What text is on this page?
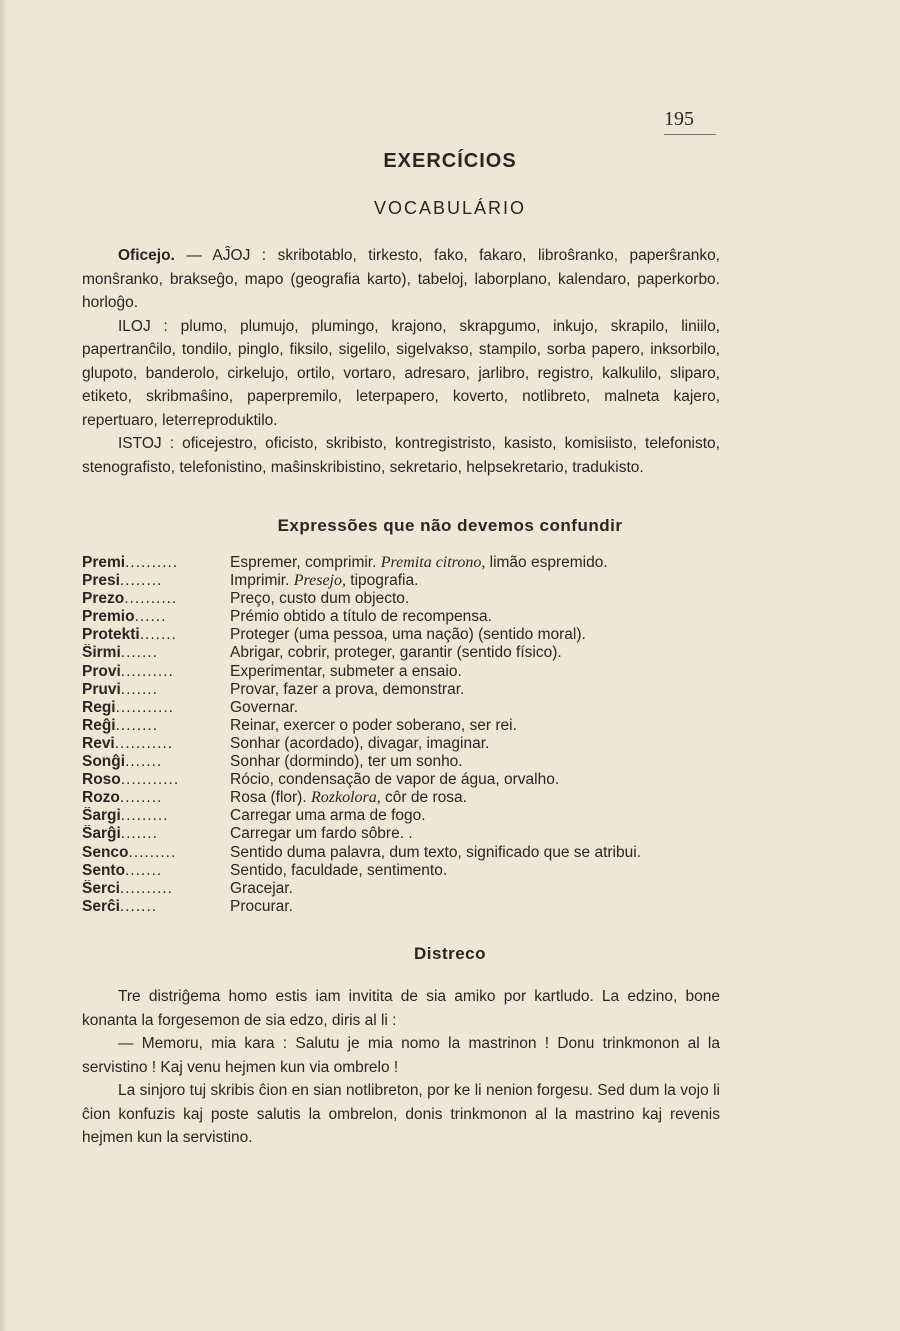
195
EXERCÍCIOS
VOCABULÁRIO

Oficejo. — AĴOJ : skribotablo, tirkesto, fako, fakaro, libroŝranko, paperŝranko, monŝranko, brakseĝo, mapo (geografia karto), tabeloj, laborplano, kalendaro, paperkorbo. horloĝo.

ILOJ : plumo, plumujo, plumingo, krajono, skrapgumo, inkujo, skrapilo, liniilo, papertranĉilo, tondilo, pinglo, fiksilo, sigelilo, sigelvakso, stampilo, sorba papero, inksorbilo, glupoto, banderolo, cirkelujo, ortilo, vortaro, adresaro, jarlibro, registro, kalkulilo, sliparo, etiketo, skribmaŝino, paperpremilo, leterpapero, koverto, notlibreto, malneta kajero, repertuaro, leterreproduktilo.

ISTOJ : oficejestro, oficisto, skribisto, kontregistristo, kasisto, komisiisto, telefonisto, stenografisto, telefonistino, maŝinskribistino, sekretario, helpsekretario, tradukisto.

Expressões que não devemos confundir
Premi..........	Espremer, comprimir. Premita citrono, limão espremido.
Presi........	Imprimir. Presejo, tipografia.
Prezo..........	Preço, custo dum objecto.
Premio......	Prémio obtido a título de recompensa.
Protekti.......	Proteger (uma pessoa, uma nação) (sentido moral).
Ŝirmi.......	Abrigar, cobrir, proteger, garantir (sentido físico).
Provi..........	Experimentar, submeter a ensaio.
Pruvi.......	Provar, fazer a prova, demonstrar.
Regi...........	Governar.
Reĝi........	Reinar, exercer o poder soberano, ser rei.
Revi...........	Sonhar (acordado), divagar, imaginar.
Sonĝi.......	Sonhar (dormindo), ter um sonho.
Roso...........	Rócio, condensação de vapor de água, orvalho.
Rozo........	Rosa (flor). Rozkolora, côr de rosa.
Ŝargi.........	Carregar uma arma de fogo.
Ŝarĝi.......	Carregar um fardo sôbre. .
Senco.........	Sentido duma palavra, dum texto, significado que se atribui.
Sento.......	Sentido, faculdade, sentimento.
Ŝerci..........	Gracejar.
Serĉi.......	Procurar.
Distreco

Tre distriĝema homo estis iam invitita de sia amiko por kartludo. La edzino, bone konanta la forgesemon de sia edzo, diris al li :

— Memoru, mia kara : Salutu je mia nomo la mastrinon ! Donu trinkmonon al la servistino ! Kaj venu hejmen kun via ombrelo !

La sinjoro tuj skribis ĉion en sian notlibreton, por ke li nenion forgesu. Sed dum la vojo li ĉion konfuzis kaj poste salutis la ombrelon, donis trinkmonon al la mastrino kaj revenis hejmen kun la servistino.
